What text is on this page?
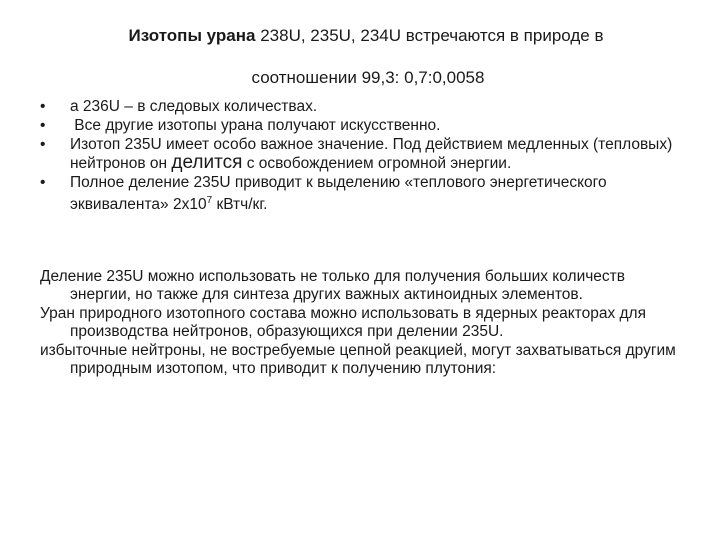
Изотопы урана 238U, 235U, 234U встречаются в природе в
соотношении 99,3: 0,7:0,0058
•	а 236U – в следовых количествах.
•	Все другие изотопы урана получают искусственно.
•	Изотоп 235U имеет особо важное значение. Под действием медленных (тепловых) нейтронов он делится с освобождением огромной энергии.
•	Полное деление 235U приводит к выделению «теплового энергетического эквивалента» $2х10^7$ кВтч/кг.

Деление 235U можно использовать не только для получения больших количеств энергии, но также для синтеза других важных актиноидных элементов.

Уран природного изотопного состава можно использовать в ядерных реакторах для производства нейтронов, образующихся при делении 235U.

избыточные нейтроны, не востребуемые цепной реакцией, могут захватываться другим природным изотопом, что приводит к получению плутония:
